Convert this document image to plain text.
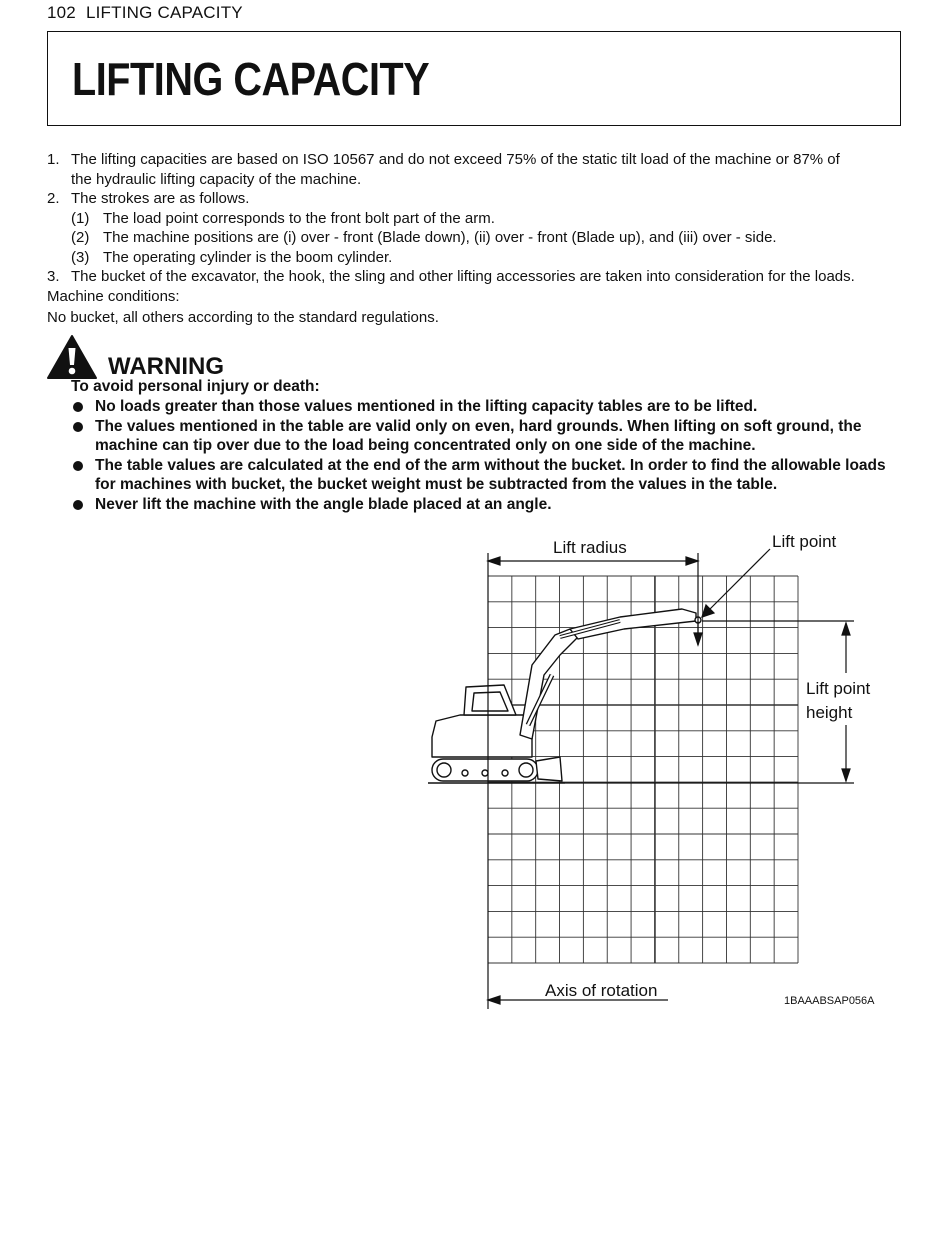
102 LIFTING CAPACITY
LIFTING CAPACITY
1. The lifting capacities are based on ISO 10567 and do not exceed 75% of the static tilt load of the machine or 87% of
the hydraulic lifting capacity of the machine.
2. The strokes are as follows.
(1) The load point corresponds to the front bolt part of the arm.
(2) The machine positions are (i) over - front (Blade down), (ii) over - front (Blade up), and (iii) over - side.
(3) The operating cylinder is the boom cylinder.
3. The bucket of the excavator, the hook, the sling and other lifting accessories are taken into consideration for the loads.
Machine conditions:
No bucket, all others according to the standard regulations.
WARNING
To avoid personal injury or death:
No loads greater than those values mentioned in the lifting capacity tables are to be lifted.
The values mentioned in the table are valid only on even, hard grounds. When lifting on soft ground, the machine can tip over due to the load being concentrated only on one side of the machine.
The table values are calculated at the end of the arm without the bucket. In order to find the allowable loads for machines with bucket, the bucket weight must be subtracted from the values in the table.
Never lift the machine with the angle blade placed at an angle.
Lift radius	Lift point
Lift point
height
Axis of rotation
1BAAABSAP056A
